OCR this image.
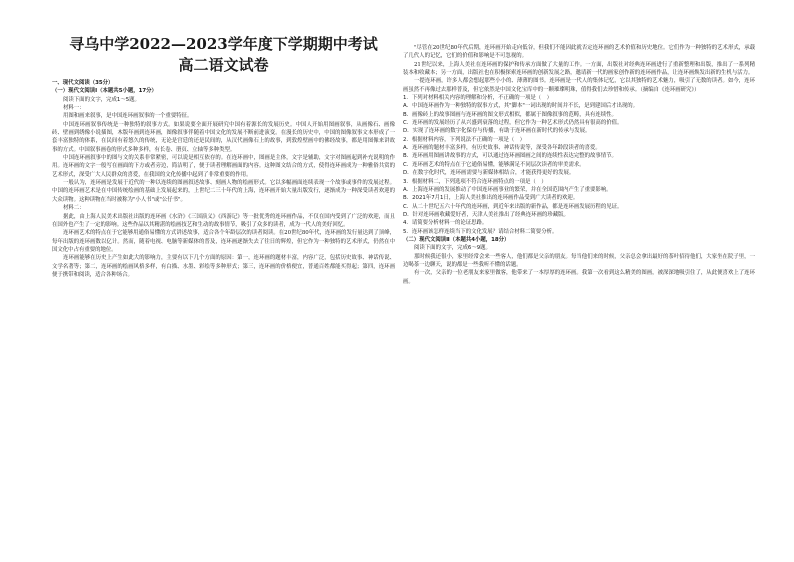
寻乌中学2022—2023学年度下学期期中考试
高二语文试卷

一、现代文阅读（35分）

（一）现代文阅读Ⅰ（本题共5小题，17分）

阅读下面的文字，完成1～5题。

材料一：

用图和画来叙事，是中国连环画叙事的一个重要特征。

中国连环画叙事传统是一种独特的叙事方式。如果说要全面开展研究中国有着源长的发展历史。中国人开始用图画叙事，从画像石、画像砖、壁画到绣像小说插图，木版年画到连环画，图像叙事伴随着中国文化的发展不断前进演变。在漫长的历史中，中国的图像叙事文本形成了一套丰富独特的体系，在民间有着悠久的传统，无论是宫廷的还是民间的，从汉代画像石上的故事，到敦煌壁画中的佛经故事，都是用图像来讲故事的方式。中国叙事画卷的形式多种多样，有长卷、册页、立轴等多种类型。

中国连环画叙事中的图与文的关系非常紧密，可以说是相互依存的。在连环画中，图画是主体，文字是辅助，文字对图画起到补充说明的作用。连环画的文字一般写在画面的下方或者旁边，简洁明了，便于读者理解画面的内容。这种图文结合的方式，使得连环画成为一种雅俗共赏的艺术形式，深受广大人民群众的喜爱，在我国的文化传播中起到了非常重要的作用。

一般认为，连环画是发展于近代的一种以连续的图画叙述故事、刻画人物的绘画形式。它以多幅画面连续表现一个故事或事件的发展过程。中国的连环画艺术是在中国传统绘画的基础上发展起来的，上世纪二三十年代的上海，连环画开始大量出版发行，逐渐成为一种深受读者欢迎的大众读物。这种读物在当时被称为"小人书"或"公仔书"。

材料二：

据此，由上海人民美术出版社出版的连环画《水浒》《三国演义》《西游记》等一批优秀的连环画作品，不仅在国内受到了广泛的欢迎，而且在国外也产生了一定的影响。这些作品以其精湛的绘画技艺和生动的故事情节，吸引了众多的读者，成为一代人的美好回忆。

连环画艺术的特点在于它能够用通俗易懂的方式讲述故事，适合各个年龄层次的读者阅读。在20世纪80年代，连环画的发行量达到了顶峰，每年出版的连环画数以亿计。然而，随着电视、电脑等新媒体的普及，连环画逐渐失去了往日的辉煌，但它作为一种独特的艺术形式，仍然在中国文化中占有重要的地位。

连环画能够在历史上产生如此大的影响力，主要有以下几个方面的原因：第一，连环画的题材丰富，内容广泛，包括历史故事、神话传说、文学名著等；第二，连环画的绘画风格多样，有白描、水墨、彩绘等多种形式；第三，连环画的价格便宜，普通百姓都能买得起；第四，连环画便于携带和阅读，适合各种场合。

"尽管在20世纪80年代后期，连环画开始走向低谷，但我们不能因此就否定连环画的艺术价值和历史地位。它们作为一种独特的艺术形式，承载了几代人的记忆，它们的价值和影响是不可忽视的。

21世纪以来，上海人美社在连环画的保护和传承方面做了大量的工作。一方面，出版社对经典连环画进行了重新整理和出版，推出了一系列精装本和收藏本；另一方面，出版社也在积极探索连环画的创新发展之路，邀请新一代的画家创作新的连环画作品，让连环画焕发出新的生机与活力。

一提连环画，许多人都会想起那些小小的、薄薄的图书。连环画是一代人的集体记忆，它以其独特的艺术魅力，吸引了无数的读者。如今，连环画虽然不再像过去那样普及，但它依然是中国文化宝库中的一颗璀璨明珠，值得我们去珍惜和传承。（摘编自《连环画研究》）

1．下列对材料相关内容的理解和分析，不正确的一项是（　）

A．中国连环画作为一种独特的叙事方式，其"脚本"一词出现的时间并不长，是到建国后才出现的。

B．画像砖上的故事图画与连环画的图文形式相似，都属于图像叙事的范畴，具有连续性。

C．连环画的发展经历了从兴盛到衰落的过程，但它作为一种艺术形式仍然具有很高的价值。

D．实现了连环画的数字化保存与传播，有助于连环画在新时代的传承与发展。

2．根据材料内容，下列说法不正确的一项是（　）

A．连环画的题材丰富多样，有历史故事、神话传说等，深受各年龄段读者的喜爱。

B．连环画用图画讲故事的方式，可以通过连环画图画之间的连续性表达完整的故事情节。

C．连环画艺术的特点在于它通俗易懂，能够满足不同层次读者的审美需求。

D．在数字化时代，连环画需要与新媒体相结合，才能获得更好的发展。

3．根据材料二，下列选项不符合连环画特点的一项是（　）

A．上海连环画的发展推动了中国连环画事业的繁荣，并在全国范围内产生了重要影响。

B．2021年7月1日，上海人美社推出的连环画作品受到广大读者的欢迎。

C．从二十世纪五六十年代的连环画，到近年来出版的新作品，都是连环画发展历程的见证。

D．针对连环画收藏爱好者，天津人美社推出了经典连环画的珍藏版。

4．请简要分析材料一的论证思路。

5．连环画该怎样连续当下的文化发展？请结合材料二简要分析。

（二）现代文阅读Ⅱ（本题共4小题，18分）

阅读下面的文字，完成6～9题。

那时候我还很小，家里经常会来一些客人，他们都是父亲的朋友。每当他们来的时候，父亲总会拿出最好的茶叶招待他们，大家坐在院子里，一边喝茶一边聊天，说的都是一些我听不懂的话题。

有一次，父亲的一位老朋友来家里做客，他带来了一本厚厚的连环画。我第一次看到这么精美的图画，被深深地吸引住了，从此便喜欢上了连环画。
